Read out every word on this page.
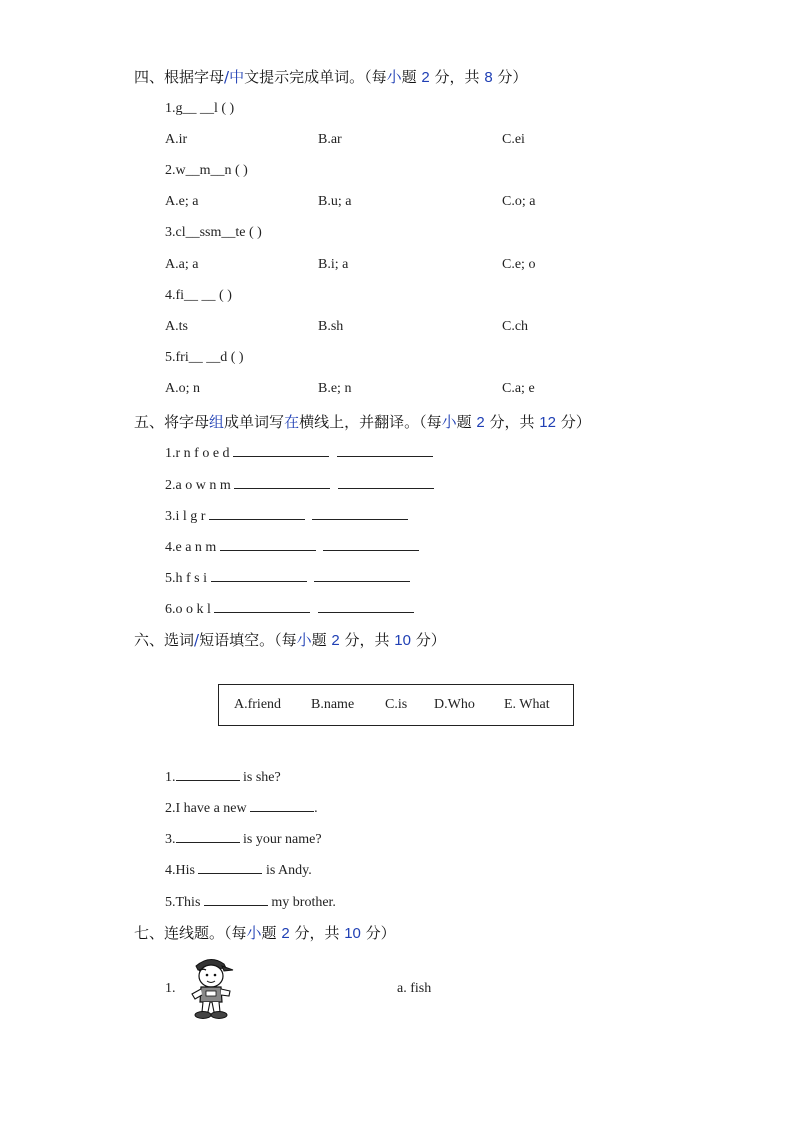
四、根据字母/中文提示完成单词。（每小题 2 分，共 8 分）
1.g__ __l ( )
A.ir	B.ar	C.ei
2.w__m__n ( )
A.e; a	B.u; a	C.o; a
3.cl__ssm__te ( )
A.a; a	B.i; a	C.e; o
4.fi__ __ ( )
A.ts	B.sh	C.ch
5.fri__ __d ( )
A.o; n	B.e; n	C.a; e
五、将字母组成单词写在横线上，并翻译。（每小题 2 分，共 12 分）
1.r n f o e d
2.a o w n m
3.i l g r
4.e a n m
5.h f s i
6.o o k l
六、选词/短语填空。（每小题 2 分，共 10 分）
A.friend B.name C.is D.Who E. What
1.	is she?
2.I have a new	.
3.	is your name?
4.His	is Andy.
5.This	my brother.
七、连线题。（每小题 2 分，共 10 分）
1.	a. fish
